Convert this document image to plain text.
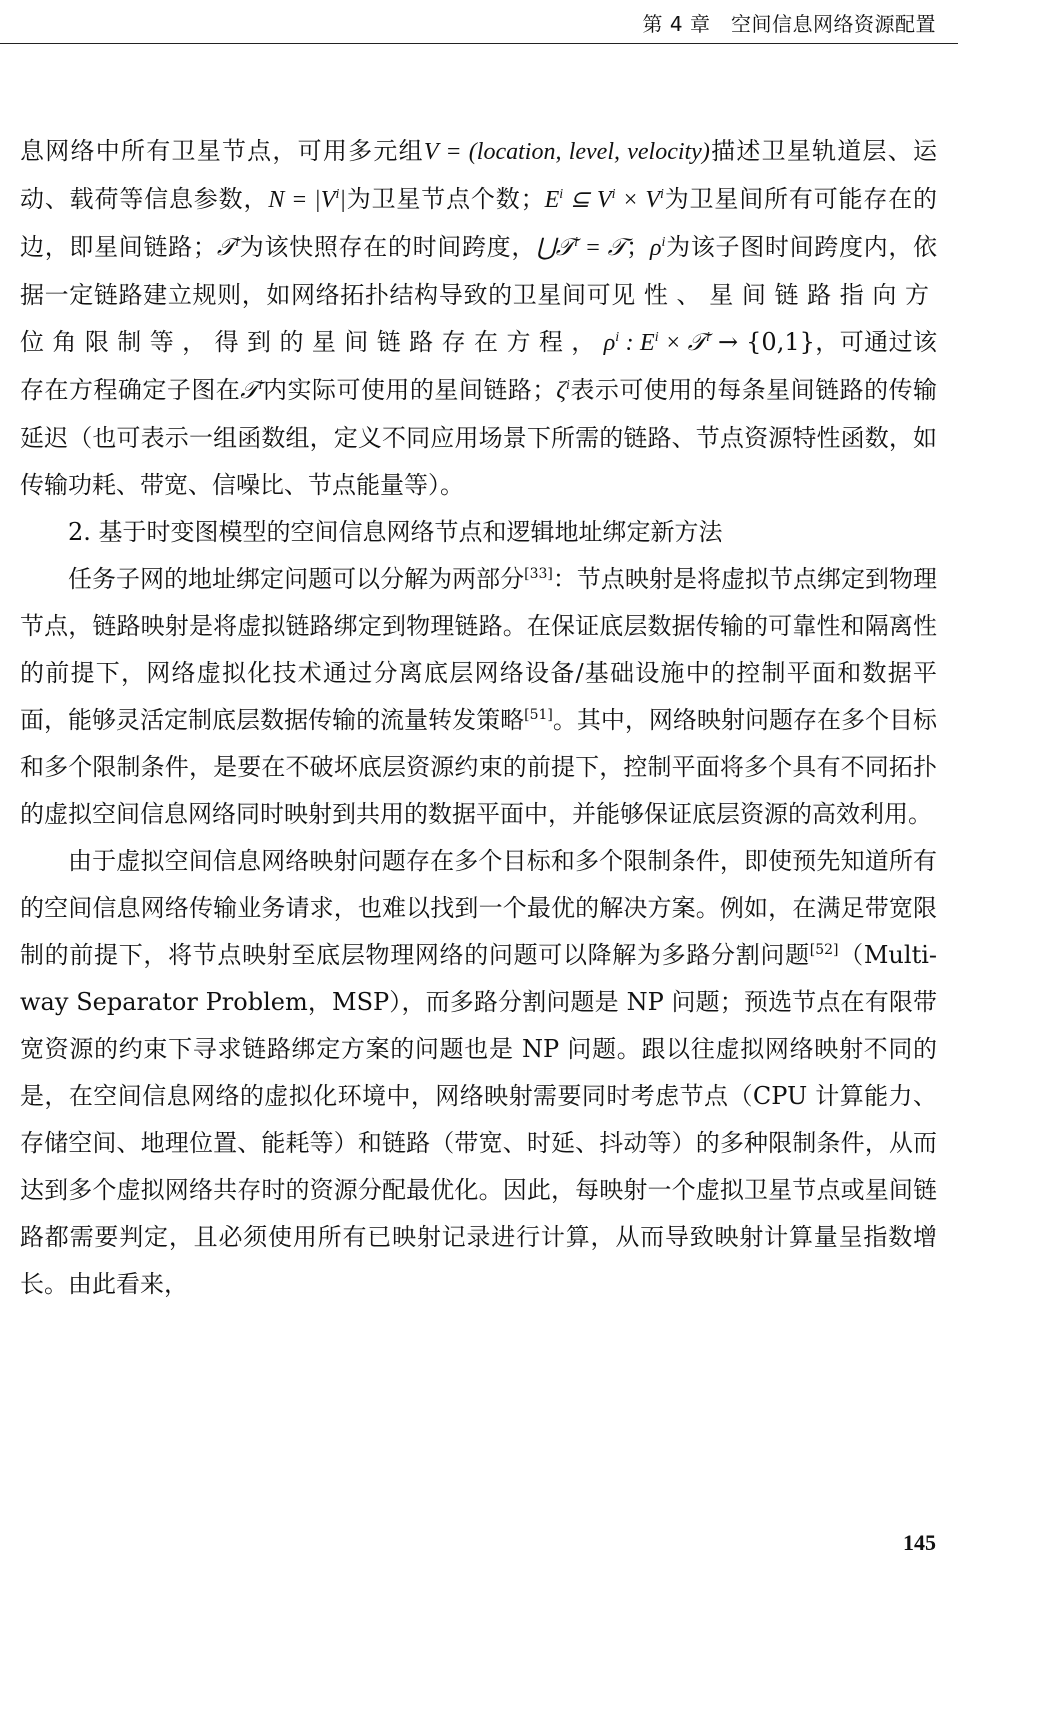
第 4 章　空间信息网络资源配置

息网络中所有卫星节点，可用多元组V = (location, level, velocity)描述卫星轨道层、运动、载荷等信息参数，$N = |V^i|$为卫星节点个数；$E^i$ ⊆ $V^i \times V^i$为卫星间所有可能存在的边，即星间链路；𝒯$^i$为该快照存在的时间跨度，⋃𝒯$^i$ = 𝒯；$\rho^i$为该子图时间跨度内，依据一定链路建立规则，如网络拓扑结构导致的卫星间可见性、星间链路指向方位角限制等，得到的星间链路存在方程，$\rho^i$ : $E^i$ × 𝒯$^i$ → {0,1}，可通过该存在方程确定子图在𝒯$^i$内实际可使用的星间链路；$\zeta^i$表示可使用的每条星间链路的传输延迟（也可表示一组函数组，定义不同应用场景下所需的链路、节点资源特性函数，如传输功耗、带宽、信噪比、节点能量等）。

2. 基于时变图模型的空间信息网络节点和逻辑地址绑定新方法

任务子网的地址绑定问题可以分解为两部分[33]：节点映射是将虚拟节点绑定到物理节点，链路映射是将虚拟链路绑定到物理链路。在保证底层数据传输的可靠性和隔离性的前提下，网络虚拟化技术通过分离底层网络设备/基础设施中的控制平面和数据平面，能够灵活定制底层数据传输的流量转发策略[51]。其中，网络映射问题存在多个目标和多个限制条件，是要在不破坏底层资源约束的前提下，控制平面将多个具有不同拓扑的虚拟空间信息网络同时映射到共用的数据平面中，并能够保证底层资源的高效利用。

由于虚拟空间信息网络映射问题存在多个目标和多个限制条件，即使预先知道所有的空间信息网络传输业务请求，也难以找到一个最优的解决方案。例如，在满足带宽限制的前提下，将节点映射至底层物理网络的问题可以降解为多路分割问题[52]（Multi-way Separator Problem，MSP），而多路分割问题是 NP 问题；预选节点在有限带宽资源的约束下寻求链路绑定方案的问题也是 NP 问题。跟以往虚拟网络映射不同的是，在空间信息网络的虚拟化环境中，网络映射需要同时考虑节点（CPU 计算能力、存储空间、地理位置、能耗等）和链路（带宽、时延、抖动等）的多种限制条件，从而达到多个虚拟网络共存时的资源分配最优化。因此，每映射一个虚拟卫星节点或星间链路都需要判定，且必须使用所有已映射记录进行计算，从而导致映射计算量呈指数增长。由此看来，

145
